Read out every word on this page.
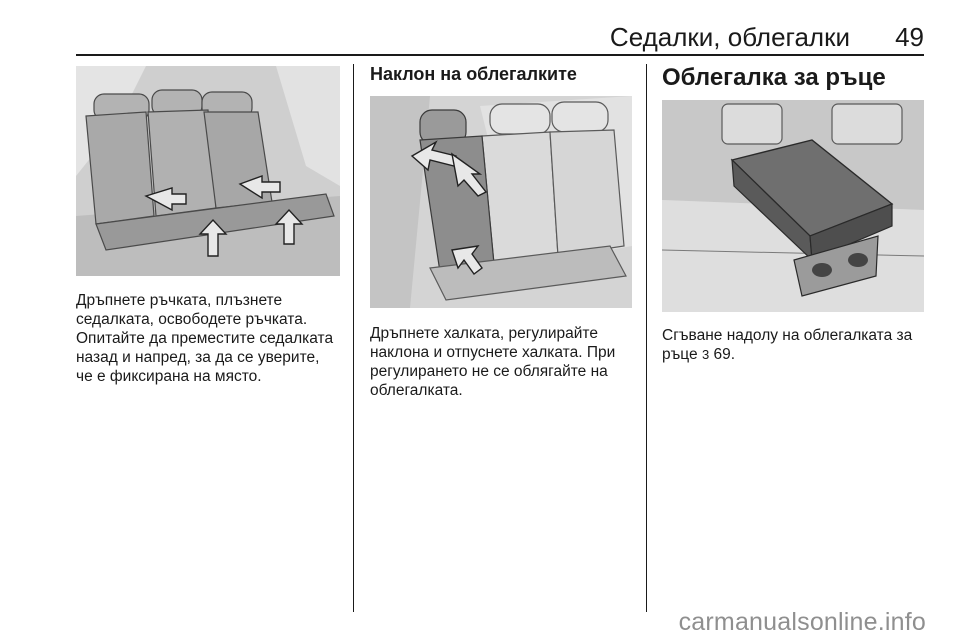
Седалки, облегалки	49

Дръпнете ръчката, плъзнете
седалката, освободете ръчката.
Опитайте да преместите седалката
назад и напред, за да се уверите,
че е фиксирана на място.

Наклон на облегалките

Дръпнете халката, регулирайте
наклона и отпуснете халката. При
регулирането не се облягайте на
облегалката.

Облегалка за ръце

Сгъване надолу на облегалката за
ръце 3 69.

carmanualsonline.info
